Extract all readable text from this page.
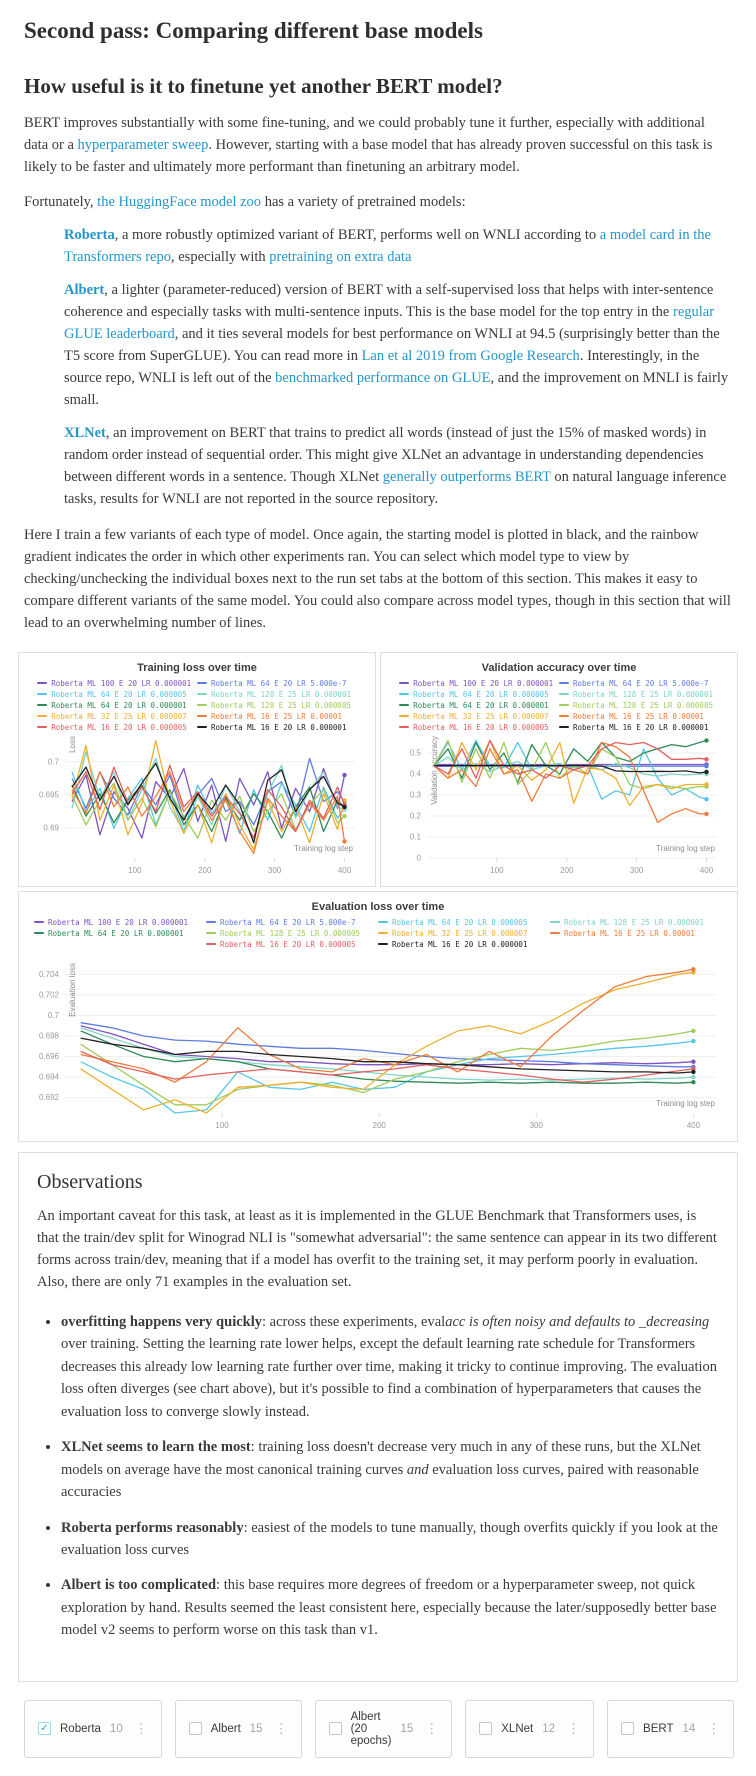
Second pass: Comparing different base models
How useful is it to finetune yet another BERT model?

BERT improves substantially with some fine-tuning, and we could probably tune it further, especially with additional data or a hyperparameter sweep. However, starting with a base model that has already proven successful on this task is likely to be faster and ultimately more performant than finetuning an arbitrary model.

Fortunately, the HuggingFace model zoo has a variety of pretrained models:

Roberta, a more robustly optimized variant of BERT, performs well on WNLI according to a model card in the Transformers repo, especially with pretraining on extra data
Albert, a lighter (parameter-reduced) version of BERT with a self-supervised loss that helps with inter-sentence coherence and especially tasks with multi-sentence inputs. This is the base model for the top entry in the regular GLUE leaderboard, and it ties several models for best performance on WNLI at 94.5 (surprisingly better than the T5 score from SuperGLUE). You can read more in Lan et al 2019 from Google Research. Interestingly, in the source repo, WNLI is left out of the benchmarked performance on GLUE, and the improvement on MNLI is fairly small.
XLNet, an improvement on BERT that trains to predict all words (instead of just the 15% of masked words) in random order instead of sequential order. This might give XLNet an advantage in understanding dependencies between different words in a sentence. Though XLNet generally outperforms BERT on natural language inference tasks, results for WNLI are not reported in the source repository.

Here I train a few variants of each type of model. Once again, the starting model is plotted in black, and the rainbow gradient indicates the order in which other experiments ran. You can select which model type to view by checking/unchecking the individual boxes next to the run set tabs at the bottom of this section. This makes it easy to compare different variants of the same model. You could also compare across model types, though in this section that will lead to an overwhelming number of lines.

Training loss over time
Roberta ML 100 E 20 LR 0.000001	Roberta ML 64 E 20 LR 5.000e-7
Roberta ML 64 E 20 LR 0.000005	Roberta ML 128 E 25 LR 0.000001
Roberta ML 64 E 20 LR 0.000001	Roberta ML 128 E 25 LR 0.000005
Roberta ML 32 E 25 LR 0.000007	Roberta ML 16 E 25 LR 0.00001
Roberta ML 16 E 20 LR 0.000005	Roberta ML 16 E 20 LR 0.000001
0.69
0.695
0.7
100	200	300	400
Training log step
Loss
Validation accuracy over time
Roberta ML 100 E 20 LR 0.000001	Roberta ML 64 E 20 LR 5.000e-7
Roberta ML 64 E 20 LR 0.000005	Roberta ML 128 E 25 LR 0.000001
Roberta ML 64 E 20 LR 0.000001	Roberta ML 128 E 25 LR 0.000005
Roberta ML 32 E 25 LR 0.000007	Roberta ML 16 E 25 LR 0.00001
Roberta ML 16 E 20 LR 0.000005	Roberta ML 16 E 20 LR 0.000001
0
0.1
0.2
0.3
0.4
0.5
100	200	300	400
Training log step
Validation accuracy
Evaluation loss over time
Roberta ML 100 E 20 LR 0.000001	Roberta ML 64 E 20 LR 5.000e-7	Roberta ML 64 E 20 LR 0.000005	Roberta ML 128 E 25 LR 0.000001
Roberta ML 64 E 20 LR 0.000001	Roberta ML 128 E 25 LR 0.000005	Roberta ML 32 E 25 LR 0.000007	Roberta ML 16 E 25 LR 0.00001
Roberta ML 16 E 20 LR 0.000005	Roberta ML 16 E 20 LR 0.000001
0.692
0.694
0.696
0.698
0.7
0.702
0.704
100	200	300	400
Training log step
Evaluation loss
Observations

An important caveat for this task, at least as it is implemented in the GLUE Benchmark that Transformers uses, is that the train/dev split for Winograd NLI is "somewhat adversarial": the same sentence can appear in its two different forms across train/dev, meaning that if a model has overfit to the training set, it may perform poorly in evaluation. Also, there are only 71 examples in the evaluation set.

• overfitting happens very quickly: across these experiments, evalacc is often noisy and defaults to _decreasing over training. Setting the learning rate lower helps, except the default learning rate schedule for Transformers decreases this already low learning rate further over time, making it tricky to continue improving. The evaluation loss often diverges (see chart above), but it's possible to find a combination of hyperparameters that causes the evaluation loss to converge slowly instead.
• XLNet seems to learn the most: training loss doesn't decrease very much in any of these runs, but the XLNet models on average have the most canonical training curves and evaluation loss curves, paired with reasonable accuracies
• Roberta performs reasonably: easiest of the models to tune manually, though overfits quickly if you look at the evaluation loss curves
• Albert is too complicated: this base requires more degrees of freedom or a hyperparameter sweep, not quick exploration by hand. Results seemed the least consistent here, especially because the later/supposedly better base model v2 seems to perform worse on this task than v1.
✓ Roberta 10 ⋮	Albert 15 ⋮
Albert (20 epochs)
15 ⋮	XLNet 12 ⋮	BERT 14 ⋮
